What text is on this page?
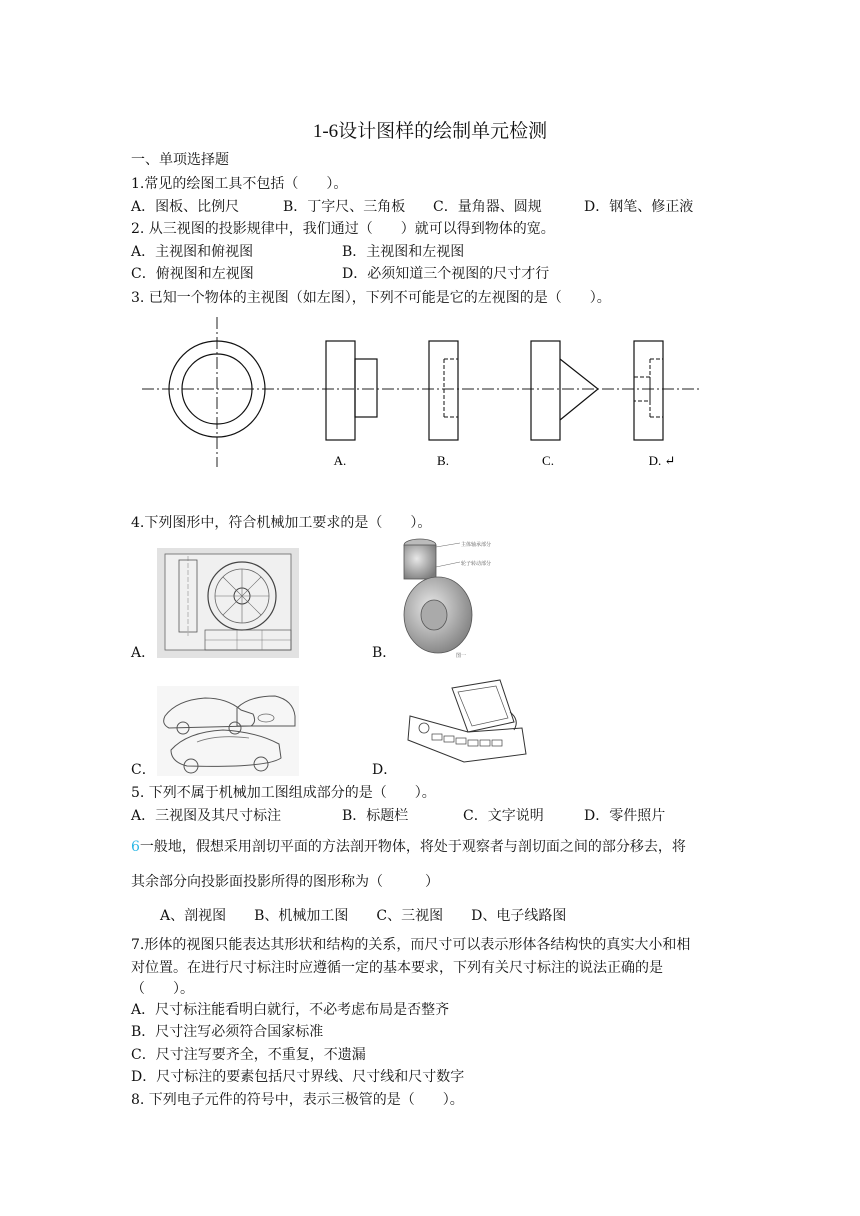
1-6设计图样的绘制单元检测
一、单项选择题
1.常见的绘图工具不包括（　　）。
A．图板、比例尺	B．丁字尺、三角板 C．量角器、圆规	D．钢笔、修正液
2. 从三视图的投影规律中，我们通过（　　）就可以得到物体的宽。
A．主视图和俯视图	B．主视图和左视图
C．俯视图和左视图	D．必须知道三个视图的尺寸才行
3. 已知一个物体的主视图（如左图），下列不可能是它的左视图的是（　　）。
A.	B.	C.	D. ↵
4.下列图形中，符合机械加工要求的是（　　）。
A．	B．
主体轴承部分
轮子转动部分
图一
C．	D．
5. 下列不属于机械加工图组成部分的是（　　）。
A．三视图及其尺寸标注	B．标题栏	C．文字说明	D．零件照片
6一般地，假想采用剖切平面的方法剖开物体，将处于观察者与剖切面之间的部分移去，将
其余部分向投影面投影所得的图形称为（　　　）
A、剖视图　　B、机械加工图　　C、三视图　　D、电子线路图
7.形体的视图只能表达其形状和结构的关系，而尺寸可以表示形体各结构快的真实大小和相
对位置。在进行尺寸标注时应遵循一定的基本要求，下列有关尺寸标注的说法正确的是
（　　）。
A．尺寸标注能看明白就行，不必考虑布局是否整齐
B．尺寸注写必须符合国家标准
C．尺寸注写要齐全，不重复，不遗漏
D．尺寸标注的要素包括尺寸界线、尺寸线和尺寸数字
8. 下列电子元件的符号中，表示三极管的是（　　）。
